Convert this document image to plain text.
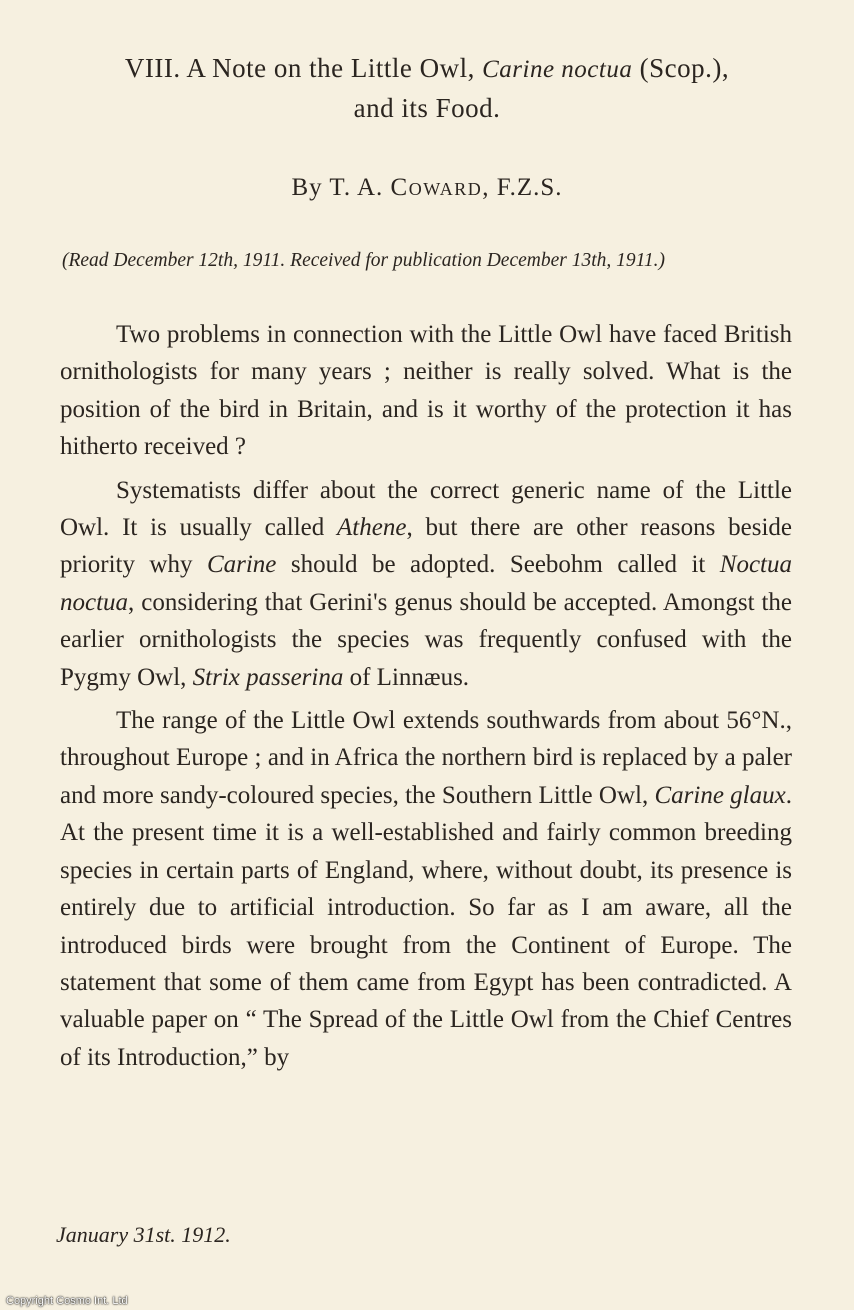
VIII. A Note on the Little Owl, Carine noctua (Scop.),
and its Food.
By T. A. Coward, F.Z.S.
(Read December 12th, 1911. Received for publication December 13th, 1911.)

Two problems in connection with the Little Owl have faced British ornithologists for many years ; neither is really solved. What is the position of the bird in Britain, and is it worthy of the protection it has hitherto received ?

Systematists differ about the correct generic name of the Little Owl. It is usually called Athene, but there are other reasons beside priority why Carine should be adopted. Seebohm called it Noctua noctua, considering that Gerini's genus should be accepted. Amongst the earlier ornithologists the species was frequently confused with the Pygmy Owl, Strix passerina of Linnæus.

The range of the Little Owl extends southwards from about 56°N., throughout Europe ; and in Africa the northern bird is replaced by a paler and more sandy-coloured species, the Southern Little Owl, Carine glaux. At the present time it is a well-established and fairly common breeding species in certain parts of England, where, without doubt, its presence is entirely due to artificial introduction. So far as I am aware, all the introduced birds were brought from the Continent of Europe. The statement that some of them came from Egypt has been contradicted. A valuable paper on “ The Spread of the Little Owl from the Chief Centres of its Introduction,” by

January 31st. 1912.
Copyright Cosmo Int. Ltd
